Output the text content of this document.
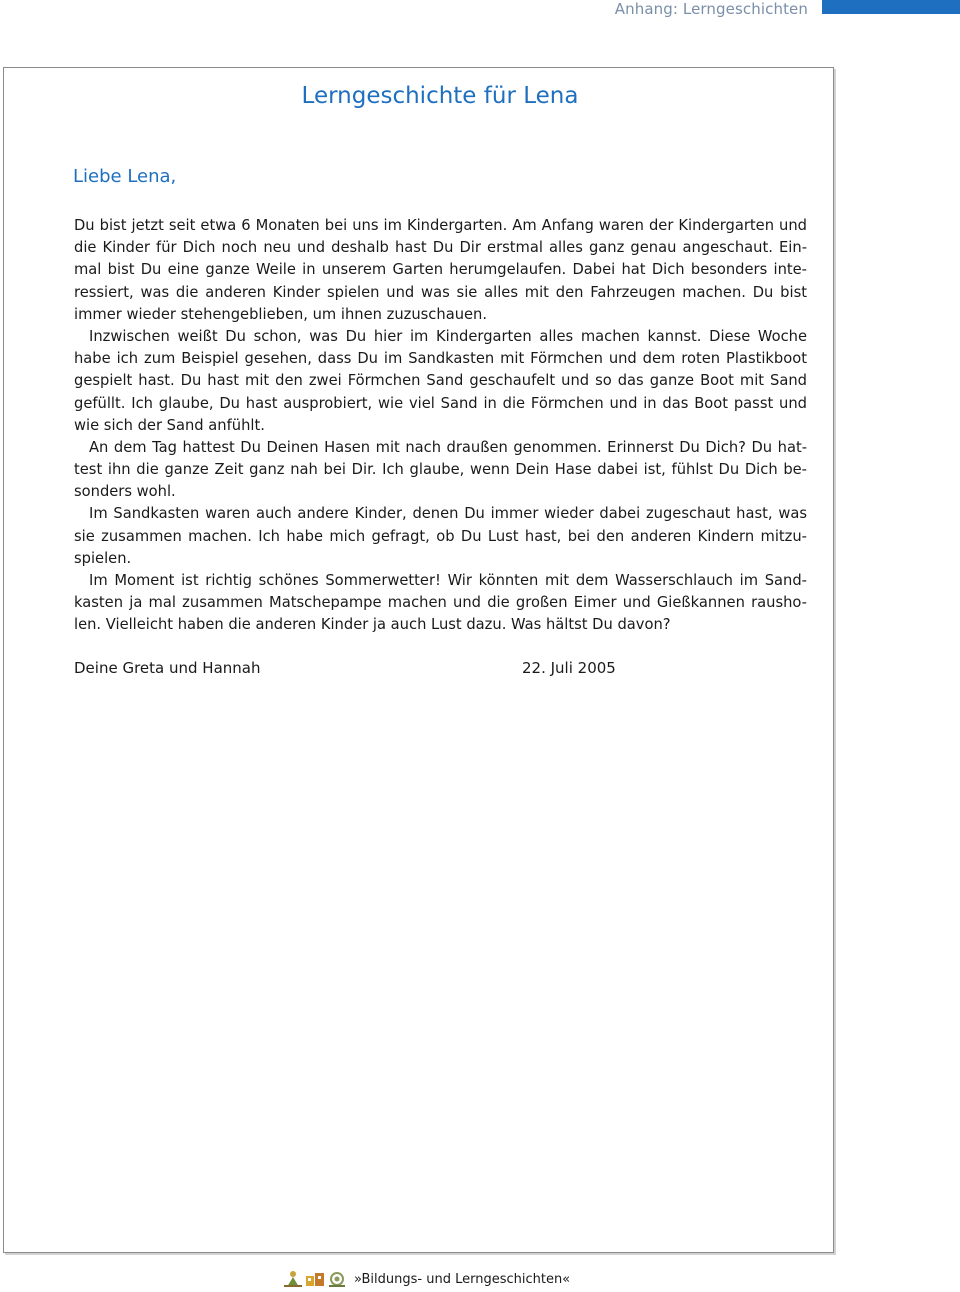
Anhang: Lerngeschichten
Lerngeschichte für Lena
Liebe Lena,
Du bist jetzt seit etwa 6 Monaten bei uns im Kindergarten. Am Anfang waren der Kindergarten und
die Kinder für Dich noch neu und deshalb hast Du Dir erstmal alles ganz genau angeschaut. Ein-
mal bist Du eine ganze Weile in unserem Garten herumgelaufen. Dabei hat Dich besonders inte-
ressiert, was die anderen Kinder spielen und was sie alles mit den Fahrzeugen machen. Du bist
immer wieder stehengeblieben, um ihnen zuzuschauen.
Inzwischen weißt Du schon, was Du hier im Kindergarten alles machen kannst. Diese Woche
habe ich zum Beispiel gesehen, dass Du im Sandkasten mit Förmchen und dem roten Plastikboot
gespielt hast. Du hast mit den zwei Förmchen Sand geschaufelt und so das ganze Boot mit Sand
gefüllt. Ich glaube, Du hast ausprobiert, wie viel Sand in die Förmchen und in das Boot passt und
wie sich der Sand anfühlt.
An dem Tag hattest Du Deinen Hasen mit nach draußen genommen. Erinnerst Du Dich? Du hat-
test ihn die ganze Zeit ganz nah bei Dir. Ich glaube, wenn Dein Hase dabei ist, fühlst Du Dich be-
sonders wohl.
Im Sandkasten waren auch andere Kinder, denen Du immer wieder dabei zugeschaut hast, was
sie zusammen machen. Ich habe mich gefragt, ob Du Lust hast, bei den anderen Kindern mitzu-
spielen.
Im Moment ist richtig schönes Sommerwetter! Wir könnten mit dem Wasserschlauch im Sand-
kasten ja mal zusammen Matschepampe machen und die großen Eimer und Gießkannen rausho-
len. Vielleicht haben die anderen Kinder ja auch Lust dazu. Was hältst Du davon?
Deine Greta und Hannah	22. Juli 2005
»Bildungs- und Lerngeschichten«
